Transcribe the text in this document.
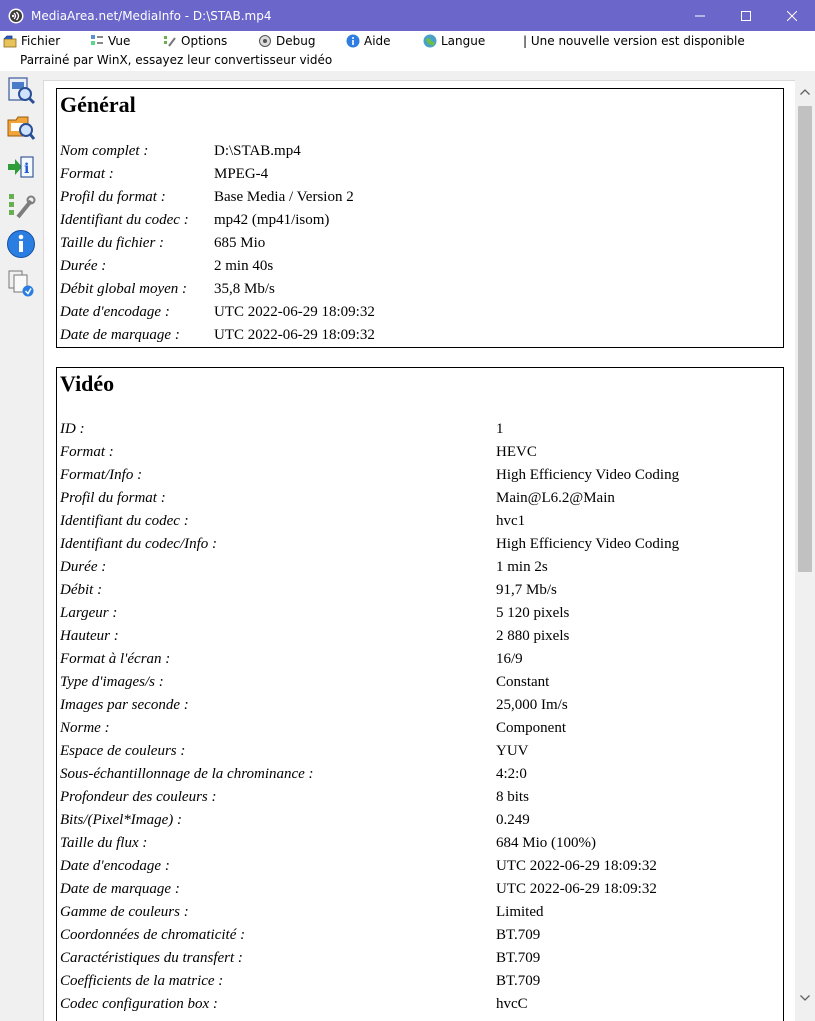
MediaArea.net/MediaInfo - D:\STAB.mp4
Fichier	Vue	Options	Debug	Aide	Langue	| Une nouvelle version est disponible
Parrainé par WinX, essayez leur convertisseur vidéo
i
Général
Nom complet :	D:\STAB.mp4
Format :	MPEG-4
Profil du format :	Base Media / Version 2
Identifiant du codec : mp42 (mp41/isom)
Taille du fichier :	685 Mio
Durée :	2 min 40s
Débit global moyen : 35,8 Mb/s
Date d'encodage :	UTC 2022-06-29 18:09:32
Date de marquage : UTC 2022-06-29 18:09:32
Vidéo
ID :	1
Format :	HEVC
Format/Info :	High Efficiency Video Coding
Profil du format :	Main@L6.2@Main
Identifiant du codec :	hvc1
Identifiant du codec/Info :	High Efficiency Video Coding
Durée :	1 min 2s
Débit :	91,7 Mb/s
Largeur :	5 120 pixels
Hauteur :	2 880 pixels
Format à l'écran :	16/9
Type d'images/s :	Constant
Images par seconde :	25,000 Im/s
Norme :	Component
Espace de couleurs :	YUV
Sous-échantillonnage de la chrominance :	4:2:0
Profondeur des couleurs :	8 bits
Bits/(Pixel*Image) :	0.249
Taille du flux :	684 Mio (100%)
Date d'encodage :	UTC 2022-06-29 18:09:32
Date de marquage :	UTC 2022-06-29 18:09:32
Gamme de couleurs :	Limited
Coordonnées de chromaticité :	BT.709
Caractéristiques du transfert :	BT.709
Coefficients de la matrice :	BT.709
Codec configuration box :	hvcC
